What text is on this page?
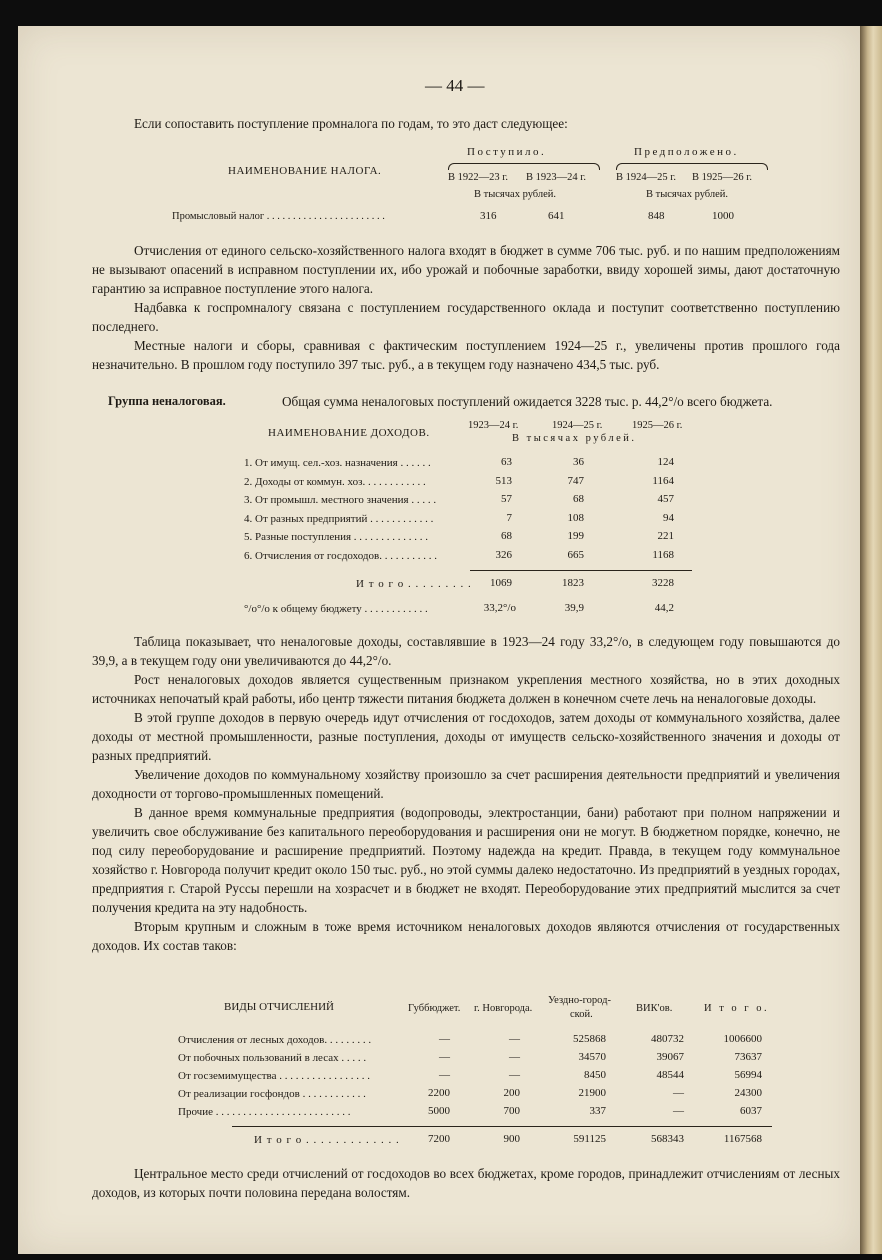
— 44 —
Если сопоставить поступление промналога по годам, то это даст следующее:
НАИМЕНОВАНИЕ НАЛОГА.
Поступило.	Предположено.
В 1922—23 г. В 1923—24 г.	В 1924—25 г. В 1925—26 г.
В тысячах рублей.	В тысячах рублей.
Промысловый налог . . . . . . . . . . . . . . . . . . . . . . .	316	641	848	1000

Отчисления от единого сельско-хозяйственного налога входят в бюджет в сумме 706 тыс. руб. и по нашим предположениям не вызывают опасений в исправном поступлении их, ибо урожай и побочные заработки, ввиду хорошей зимы, дают достаточную гарантию за исправное поступление этого налога.

Надбавка к госпромналогу связана с поступлением государственного оклада и поступит соответственно поступлению последнего.

Местные налоги и сборы, сравнивая с фактическим поступлением 1924—25 г., увеличены против прошлого года незначительно. В прошлом году поступило 397 тыс. руб., а в текущем году назначено 434,5 тыс. руб.

Группа неналоговая.	Общая сумма неналоговых поступлений ожидается 3228 тыс. р. 44,2°/о всего бюджета.
НАИМЕНОВАНИЕ ДОХОДОВ.
1923—24 г.	1924—25 г.	1925—26 г.
В тысячах рублей.
1. От имущ. сел.-хоз. назначения . . . . . .	63	36	124
2. Доходы от коммун. хоз. . . . . . . . . . . .	513	747	1164
3. От промышл. местного значения . . . . .	57	68	457
4. От разных предприятий . . . . . . . . . . . .	7	108	94
5. Разные поступления . . . . . . . . . . . . . .	68	199	221
6. Отчисления от госдоходов. . . . . . . . . . .	326	665	1168
И т о г о . . . . . . . . .	1069	1823	3228
°/о°/о к общему бюджету . . . . . . . . . . . .	33,2°/о	39,9	44,2

Таблица показывает, что неналоговые доходы, составлявшие в 1923—24 году 33,2°/о, в следующем году повышаются до 39,9, а в текущем году они увеличиваются до 44,2°/о.

Рост неналоговых доходов является существенным признаком укрепления местного хозяйства, но в этих доходных источниках непочатый край работы, ибо центр тяжести питания бюджета должен в конечном счете лечь на неналоговые доходы.

В этой группе доходов в первую очередь идут отчисления от госдоходов, затем доходы от коммунального хозяйства, далее доходы от местной промышленности, разные поступления, доходы от имуществ сельско-хозяйственного значения и доходы от разных предприятий.

Увеличение доходов по коммунальному хозяйству произошло за счет расширения деятельности предприятий и увеличения доходности от торгово-промышленных помещений.

В данное время коммунальные предприятия (водопроводы, электростанции, бани) работают при полном напряжении и увеличить свое обслуживание без капитального переоборудования и расширения они не могут. В бюджетном порядке, конечно, не под силу переоборудование и расширение предприятий. Поэтому надежда на кредит. Правда, в текущем году коммунальное хозяйство г. Новгорода получит кредит около 150 тыс. руб., но этой суммы далеко недостаточно. Из предприятий в уездных городах, предприятия г. Старой Руссы перешли на хозрасчет и в бюджет не входят. Переоборудование этих предприятий мыслится за счет получения кредита на эту надобность.

Вторым крупным и сложным в тоже время источником неналоговых доходов являются отчисления от государственных доходов. Их состав таков:

ВИДЫ ОТЧИСЛЕНИЙ	Губбюджет. г. Новгорода.
Уездно-город-
ской.
ВИК'ов.	И т о г о.
Отчисления от лесных доходов. . . . . . . . .	—	—	525868	480732	1006600
От побочных пользований в лесах . . . . .	—	—	34570	39067	73637
От госземимущества . . . . . . . . . . . . . . . . .	—	—	8450	48544	56994
От реализации госфондов . . . . . . . . . . . .	2200	200	21900	—	24300
Прочие . . . . . . . . . . . . . . . . . . . . . . . . .	5000	700	337	—	6037
И т о г о . . . . . . . . . . . . .	7200	900	591125	568343	1167568

Центральное место среди отчислений от госдоходов во всех бюджетах, кроме городов, принадлежит отчислениям от лесных доходов, из которых почти половина передана волостям.
